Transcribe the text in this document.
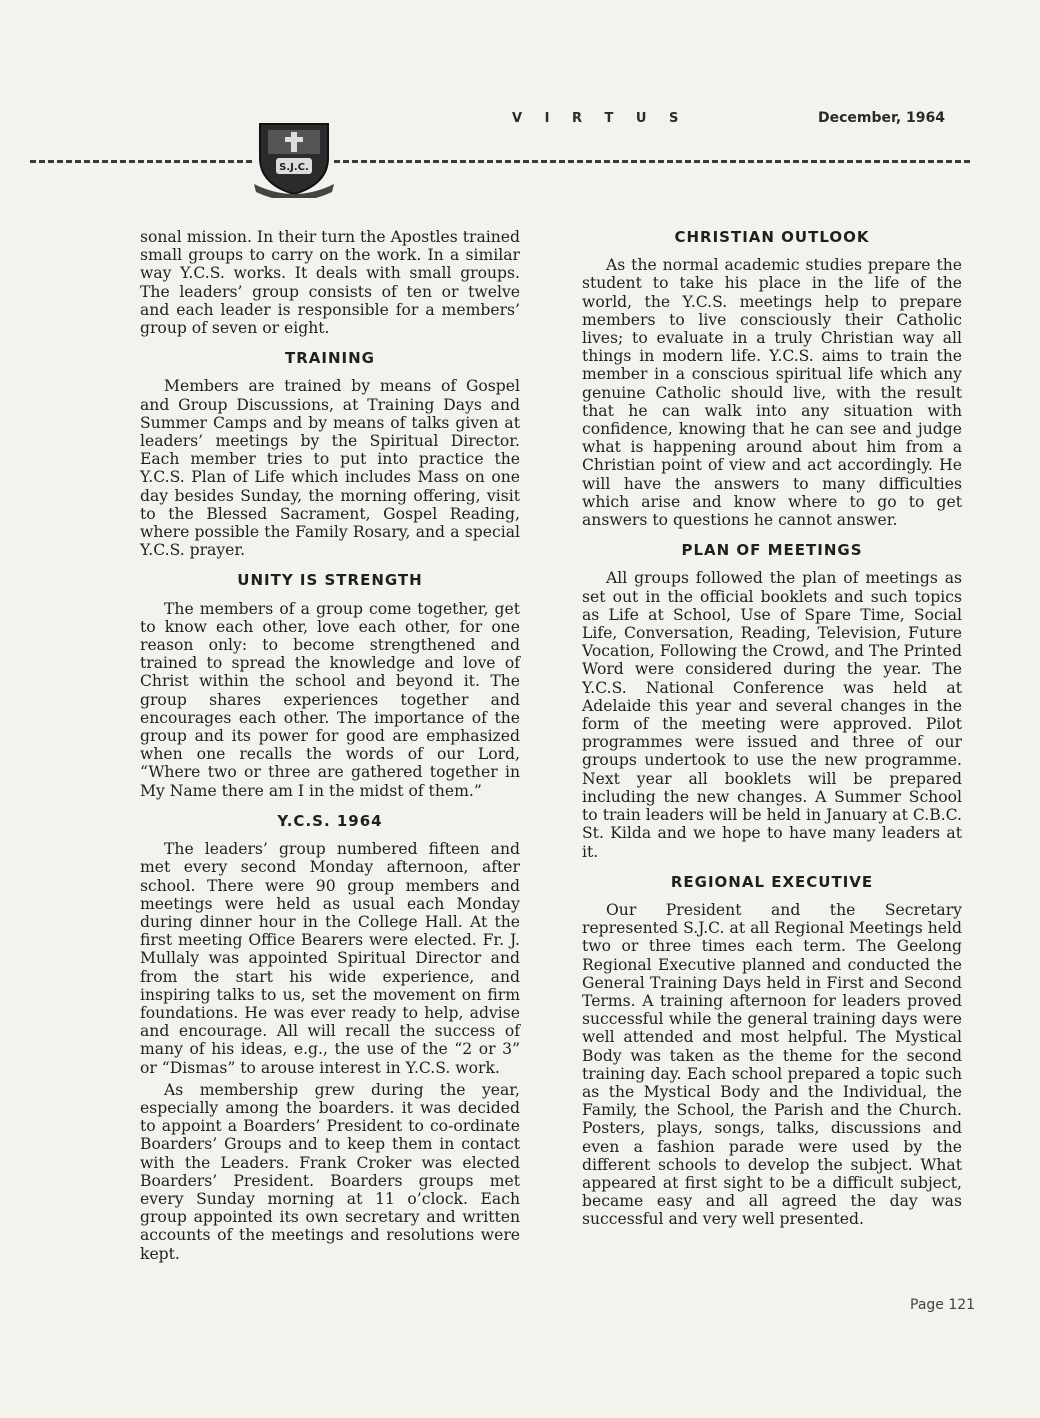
S.J.C.
V I R T U S	December, 1964

sonal mission. In their turn the Apostles trained small groups to carry on the work. In a similar way Y.C.S. works. It deals with small groups. The leaders’ group consists of ten or twelve and each leader is responsible for a members’ group of seven or eight.

TRAINING

Members are trained by means of Gospel and Group Discussions, at Training Days and Summer Camps and by means of talks given at leaders’ meetings by the Spiritual Director. Each member tries to put into practice the Y.C.S. Plan of Life which includes Mass on one day besides Sunday, the morning offering, visit to the Blessed Sacrament, Gospel Reading, where possible the Family Rosary, and a special Y.C.S. prayer.

UNITY IS STRENGTH

The members of a group come together, get to know each other, love each other, for one reason only: to become strengthened and trained to spread the knowledge and love of Christ within the school and beyond it. The group shares experiences together and encourages each other. The importance of the group and its power for good are emphasized when one recalls the words of our Lord, “Where two or three are gathered together in My Name there am I in the midst of them.”

Y.C.S. 1964

The leaders’ group numbered fifteen and met every second Monday afternoon, after school. There were 90 group members and meetings were held as usual each Monday during dinner hour in the College Hall. At the first meeting Office Bearers were elected. Fr. J. Mullaly was appointed Spiritual Director and from the start his wide experience, and inspiring talks to us, set the movement on firm foundations. He was ever ready to help, advise and encourage. All will recall the success of many of his ideas, e.g., the use of the “2 or 3” or “Dismas” to arouse interest in Y.C.S. work.

As membership grew during the year, especially among the boarders. it was decided to appoint a Boarders’ President to co-ordinate Boarders’ Groups and to keep them in contact with the Leaders. Frank Croker was elected Boarders’ President. Boarders groups met every Sunday morning at 11 o’clock. Each group appointed its own secretary and written accounts of the meetings and resolutions were kept.

CHRISTIAN OUTLOOK

As the normal academic studies prepare the student to take his place in the life of the world, the Y.C.S. meetings help to prepare members to live consciously their Catholic lives; to evaluate in a truly Christian way all things in modern life. Y.C.S. aims to train the member in a conscious spiritual life which any genuine Catholic should live, with the result that he can walk into any situation with confidence, knowing that he can see and judge what is happening around about him from a Christian point of view and act accordingly. He will have the answers to many difficulties which arise and know where to go to get answers to questions he cannot answer.

PLAN OF MEETINGS

All groups followed the plan of meetings as set out in the official booklets and such topics as Life at School, Use of Spare Time, Social Life, Conversation, Reading, Television, Future Vocation, Following the Crowd, and The Printed Word were considered during the year. The Y.C.S. National Conference was held at Adelaide this year and several changes in the form of the meeting were approved. Pilot programmes were issued and three of our groups undertook to use the new programme. Next year all booklets will be prepared including the new changes. A Summer School to train leaders will be held in January at C.B.C. St. Kilda and we hope to have many leaders at it.

REGIONAL EXECUTIVE

Our President and the Secretary represented S.J.C. at all Regional Meetings held two or three times each term. The Geelong Regional Executive planned and conducted the General Training Days held in First and Second Terms. A training afternoon for leaders proved successful while the general training days were well attended and most helpful. The Mystical Body was taken as the theme for the second training day. Each school prepared a topic such as the Mystical Body and the Individual, the Family, the School, the Parish and the Church. Posters, plays, songs, talks, discussions and even a fashion parade were used by the different schools to develop the subject. What appeared at first sight to be a difficult subject, became easy and all agreed the day was successful and very well presented.

Page 121
